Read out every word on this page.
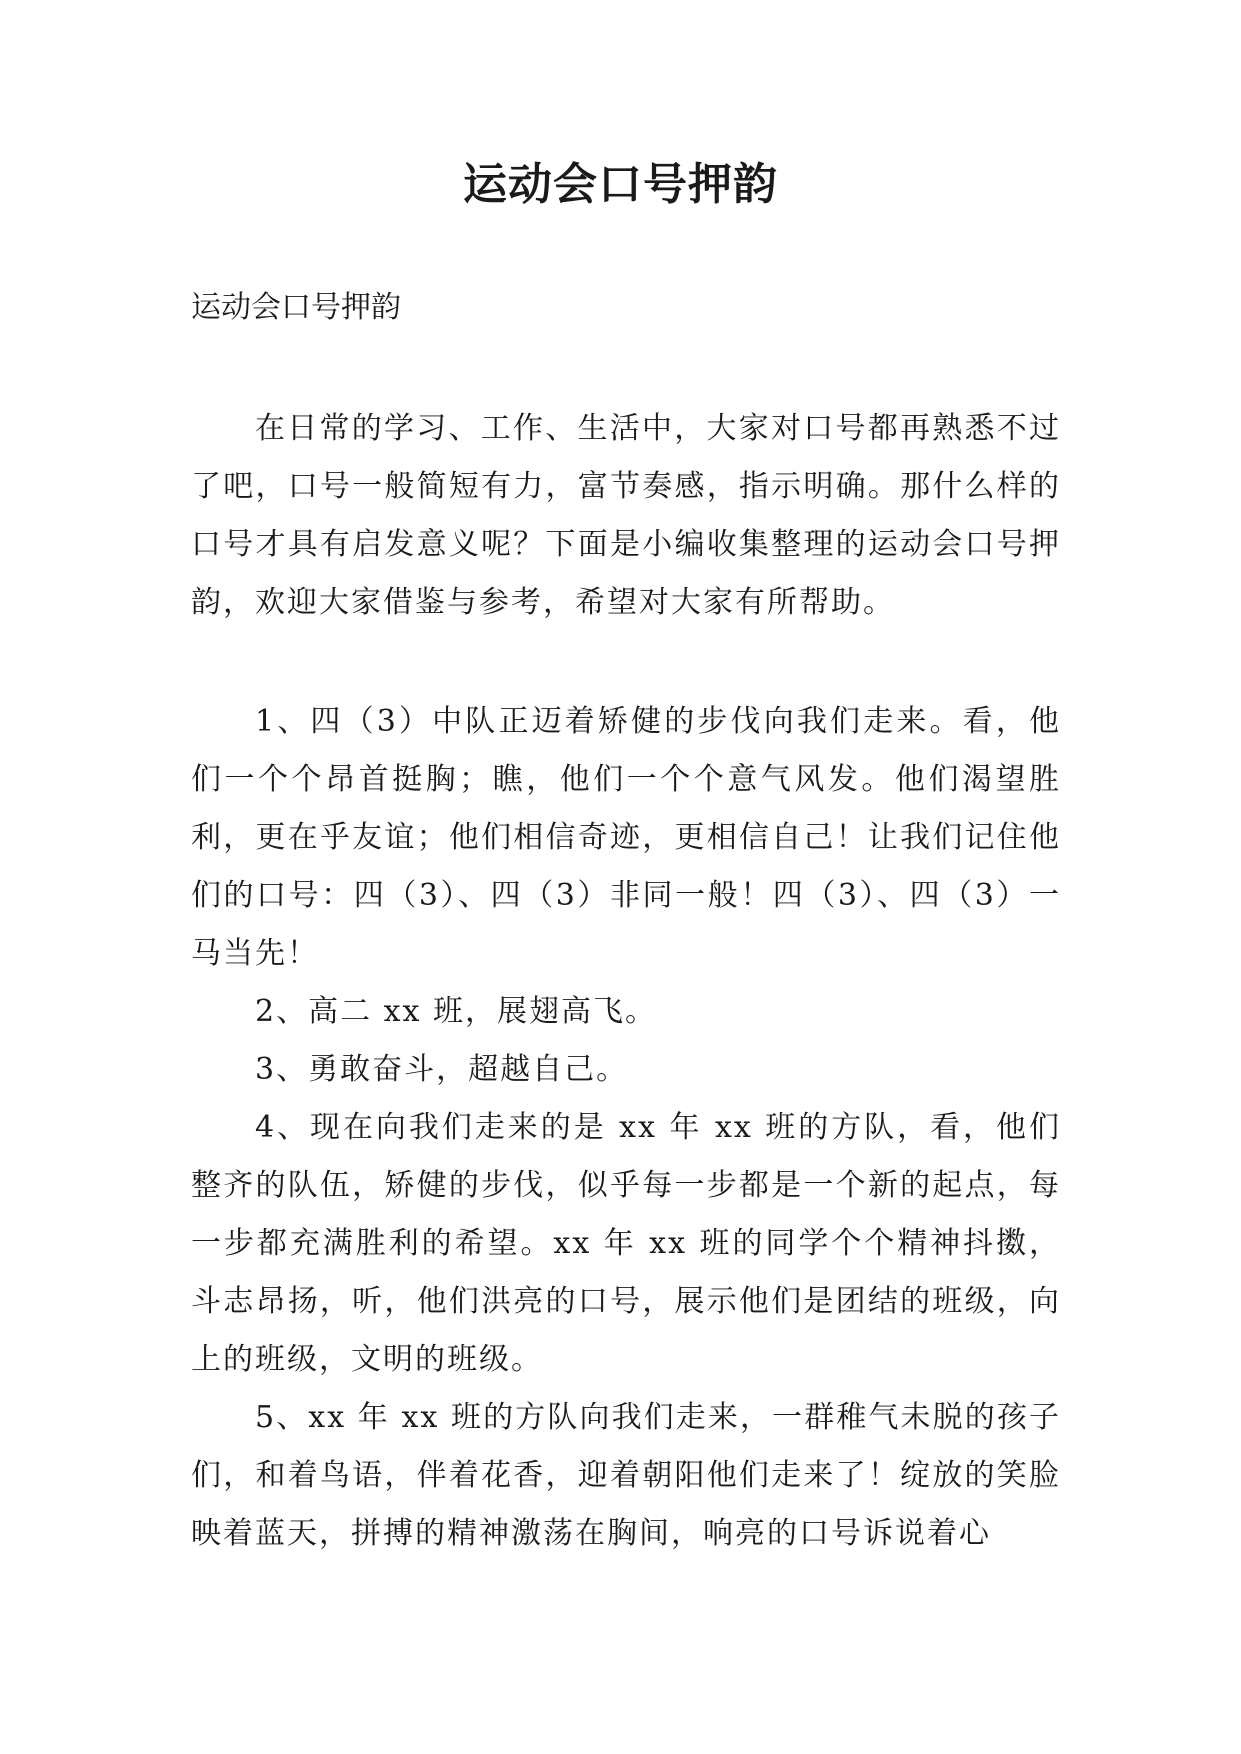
运动会口号押韵
运动会口号押韵

在日常的学习、工作、生活中，大家对口号都再熟悉不过了吧，口号一般简短有力，富节奏感，指示明确。那什么样的口号才具有启发意义呢？下面是小编收集整理的运动会口号押韵，欢迎大家借鉴与参考，希望对大家有所帮助。

1、四（3）中队正迈着矫健的步伐向我们走来。看，他们一个个昂首挺胸；瞧，他们一个个意气风发。他们渴望胜利，更在乎友谊；他们相信奇迹，更相信自己！让我们记住他们的口号：四（3）、四（3）非同一般！四（3）、四（3）一马当先！

2、高二 xx 班，展翅高飞。

3、勇敢奋斗，超越自己。

4、现在向我们走来的是 xx 年 xx 班的方队，看，他们整齐的队伍，矫健的步伐，似乎每一步都是一个新的起点，每一步都充满胜利的希望。xx 年 xx 班的同学个个精神抖擞，斗志昂扬，听，他们洪亮的口号，展示他们是团结的班级，向上的班级，文明的班级。

5、xx 年 xx 班的方队向我们走来，一群稚气未脱的孩子们，和着鸟语，伴着花香，迎着朝阳他们走来了！绽放的笑脸映着蓝天，拼搏的精神激荡在胸间，响亮的口号诉说着心
